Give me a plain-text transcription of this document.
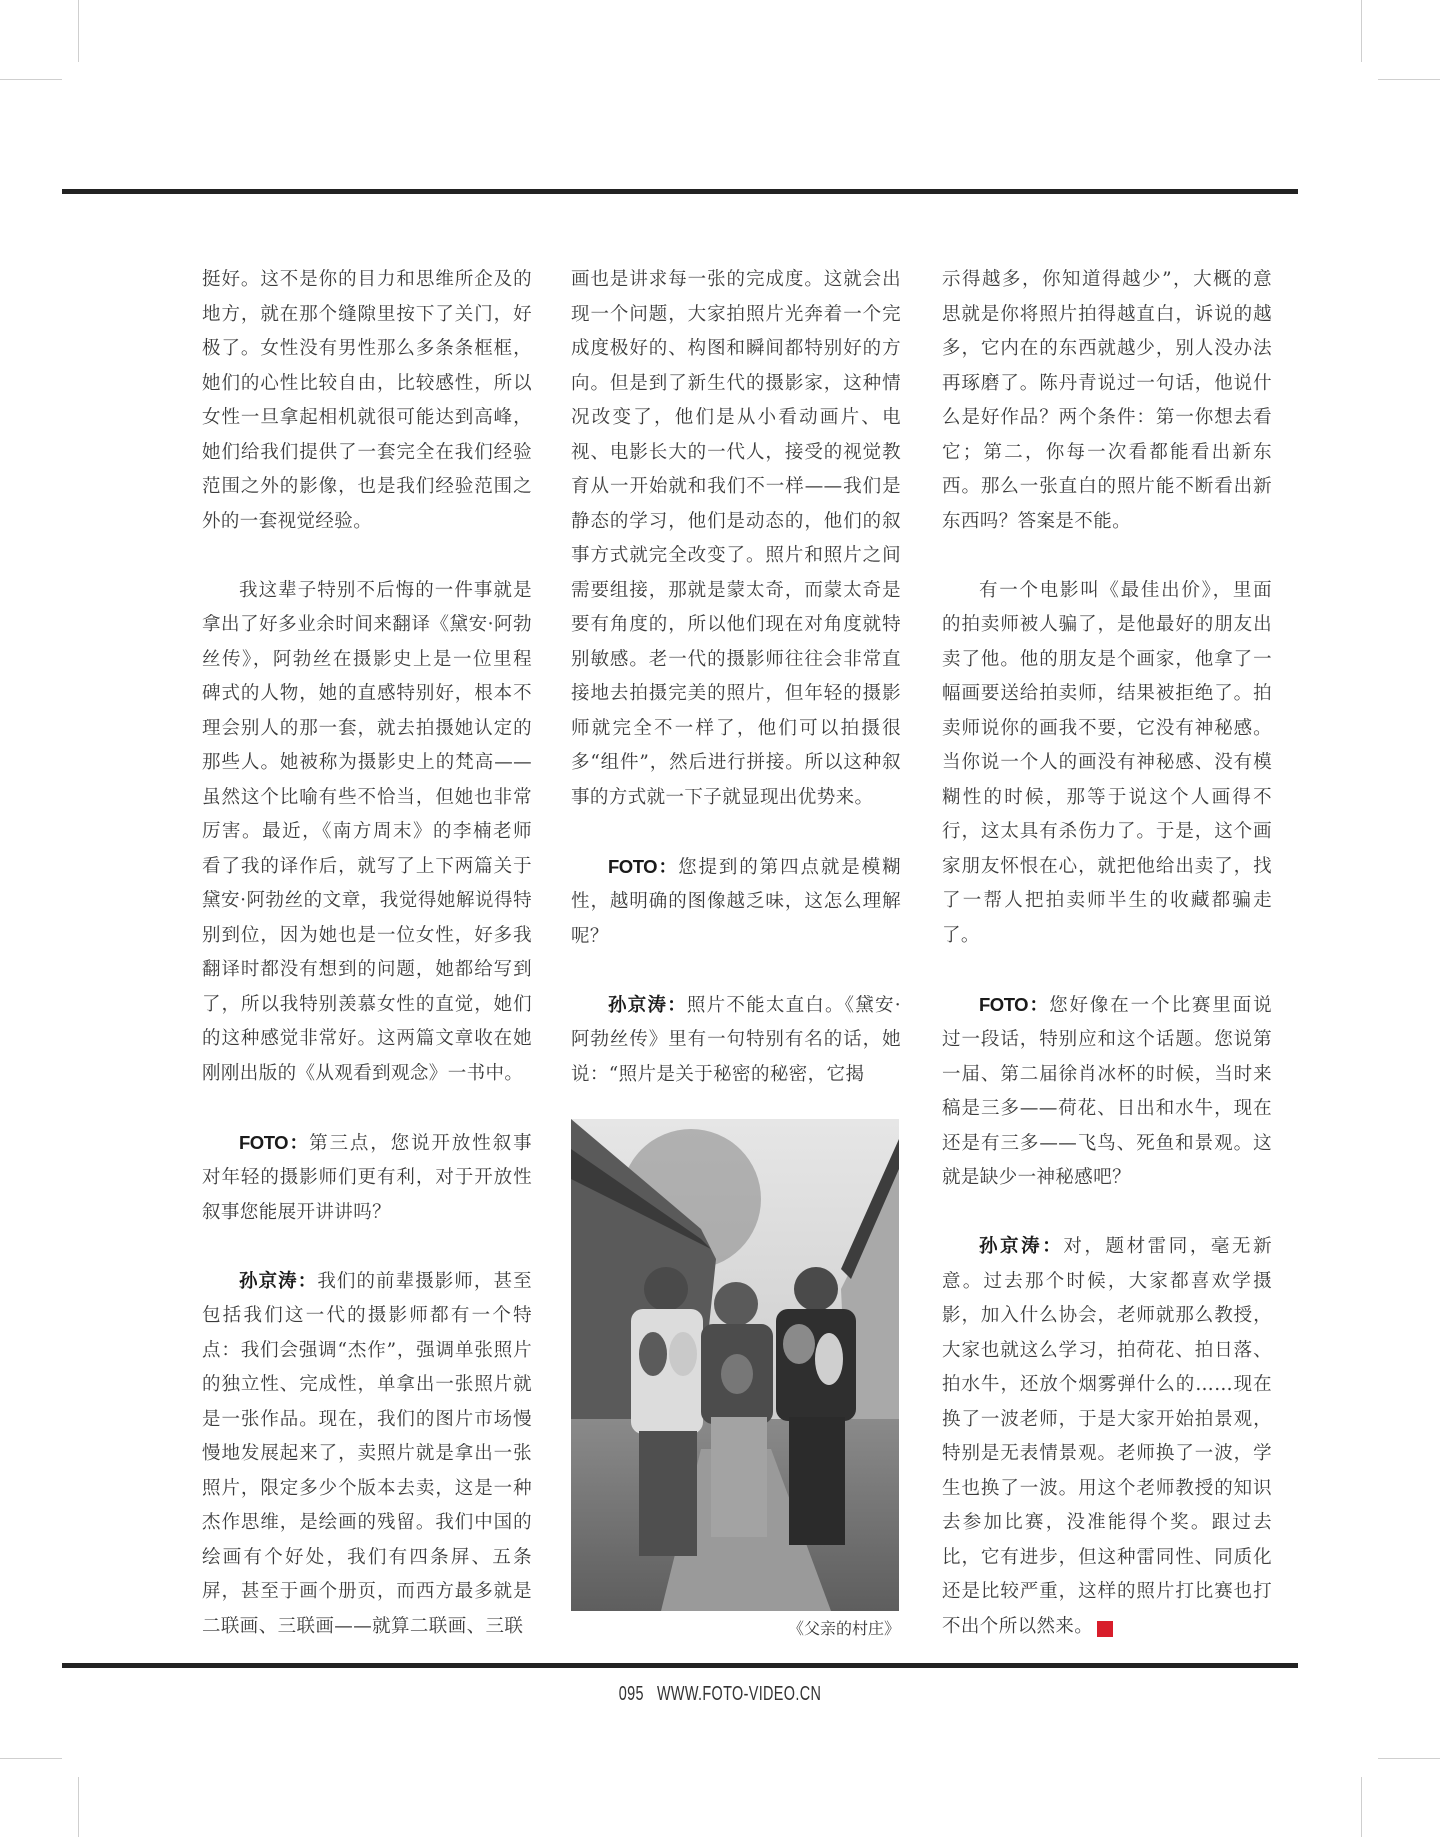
挺好。这不是你的目力和思维所企及的地方，就在那个缝隙里按下了关门，好极了。女性没有男性那么多条条框框，她们的心性比较自由，比较感性，所以女性一旦拿起相机就很可能达到高峰，她们给我们提供了一套完全在我们经验范围之外的影像，也是我们经验范围之外的一套视觉经验。

我这辈子特别不后悔的一件事就是拿出了好多业余时间来翻译《黛安·阿勃丝传》，阿勃丝在摄影史上是一位里程碑式的人物，她的直感特别好，根本不理会别人的那一套，就去拍摄她认定的那些人。她被称为摄影史上的梵高——虽然这个比喻有些不恰当，但她也非常厉害。最近，《南方周末》的李楠老师看了我的译作后，就写了上下两篇关于黛安·阿勃丝的文章，我觉得她解说得特别到位，因为她也是一位女性，好多我翻译时都没有想到的问题，她都给写到了，所以我特别羡慕女性的直觉，她们的这种感觉非常好。这两篇文章收在她刚刚出版的《从观看到观念》一书中。

FOTO：第三点，您说开放性叙事对年轻的摄影师们更有利，对于开放性叙事您能展开讲讲吗？

孙京涛：我们的前辈摄影师，甚至包括我们这一代的摄影师都有一个特点：我们会强调“杰作”，强调单张照片的独立性、完成性，单拿出一张照片就是一张作品。现在，我们的图片市场慢慢地发展起来了，卖照片就是拿出一张照片，限定多少个版本去卖，这是一种杰作思维，是绘画的残留。我们中国的绘画有个好处，我们有四条屏、五条屏，甚至于画个册页，而西方最多就是二联画、三联画——就算二联画、三联

画也是讲求每一张的完成度。这就会出现一个问题，大家拍照片光奔着一个完成度极好的、构图和瞬间都特别好的方向。但是到了新生代的摄影家，这种情况改变了，他们是从小看动画片、电视、电影长大的一代人，接受的视觉教育从一开始就和我们不一样——我们是静态的学习，他们是动态的，他们的叙事方式就完全改变了。照片和照片之间需要组接，那就是蒙太奇，而蒙太奇是要有角度的，所以他们现在对角度就特别敏感。老一代的摄影师往往会非常直接地去拍摄完美的照片，但年轻的摄影师就完全不一样了，他们可以拍摄很多“组件”，然后进行拼接。所以这种叙事的方式就一下子就显现出优势来。

FOTO：您提到的第四点就是模糊性，越明确的图像越乏味，这怎么理解呢？

孙京涛：照片不能太直白。《黛安·阿勃丝传》里有一句特别有名的话，她说：“照片是关于秘密的秘密，它揭

《父亲的村庄》

示得越多，你知道得越少”，大概的意思就是你将照片拍得越直白，诉说的越多，它内在的东西就越少，别人没办法再琢磨了。陈丹青说过一句话，他说什么是好作品？两个条件：第一你想去看它；第二，你每一次看都能看出新东西。那么一张直白的照片能不断看出新东西吗？答案是不能。

有一个电影叫《最佳出价》，里面的拍卖师被人骗了，是他最好的朋友出卖了他。他的朋友是个画家，他拿了一幅画要送给拍卖师，结果被拒绝了。拍卖师说你的画我不要，它没有神秘感。当你说一个人的画没有神秘感、没有模糊性的时候，那等于说这个人画得不行，这太具有杀伤力了。于是，这个画家朋友怀恨在心，就把他给出卖了，找了一帮人把拍卖师半生的收藏都骗走了。

FOTO：您好像在一个比赛里面说过一段话，特别应和这个话题。您说第一届、第二届徐肖冰杯的时候，当时来稿是三多——荷花、日出和水牛，现在还是有三多——飞鸟、死鱼和景观。这就是缺少一神秘感吧？

孙京涛：对，题材雷同，毫无新意。过去那个时候，大家都喜欢学摄影，加入什么协会，老师就那么教授，大家也就这么学习，拍荷花、拍日落、拍水牛，还放个烟雾弹什么的……现在换了一波老师，于是大家开始拍景观，特别是无表情景观。老师换了一波，学生也换了一波。用这个老师教授的知识去参加比赛，没准能得个奖。跟过去比，它有进步，但这种雷同性、同质化还是比较严重，这样的照片打比赛也打不出个所以然来。	F

095 WWW.FOTO-VIDEO.CN
